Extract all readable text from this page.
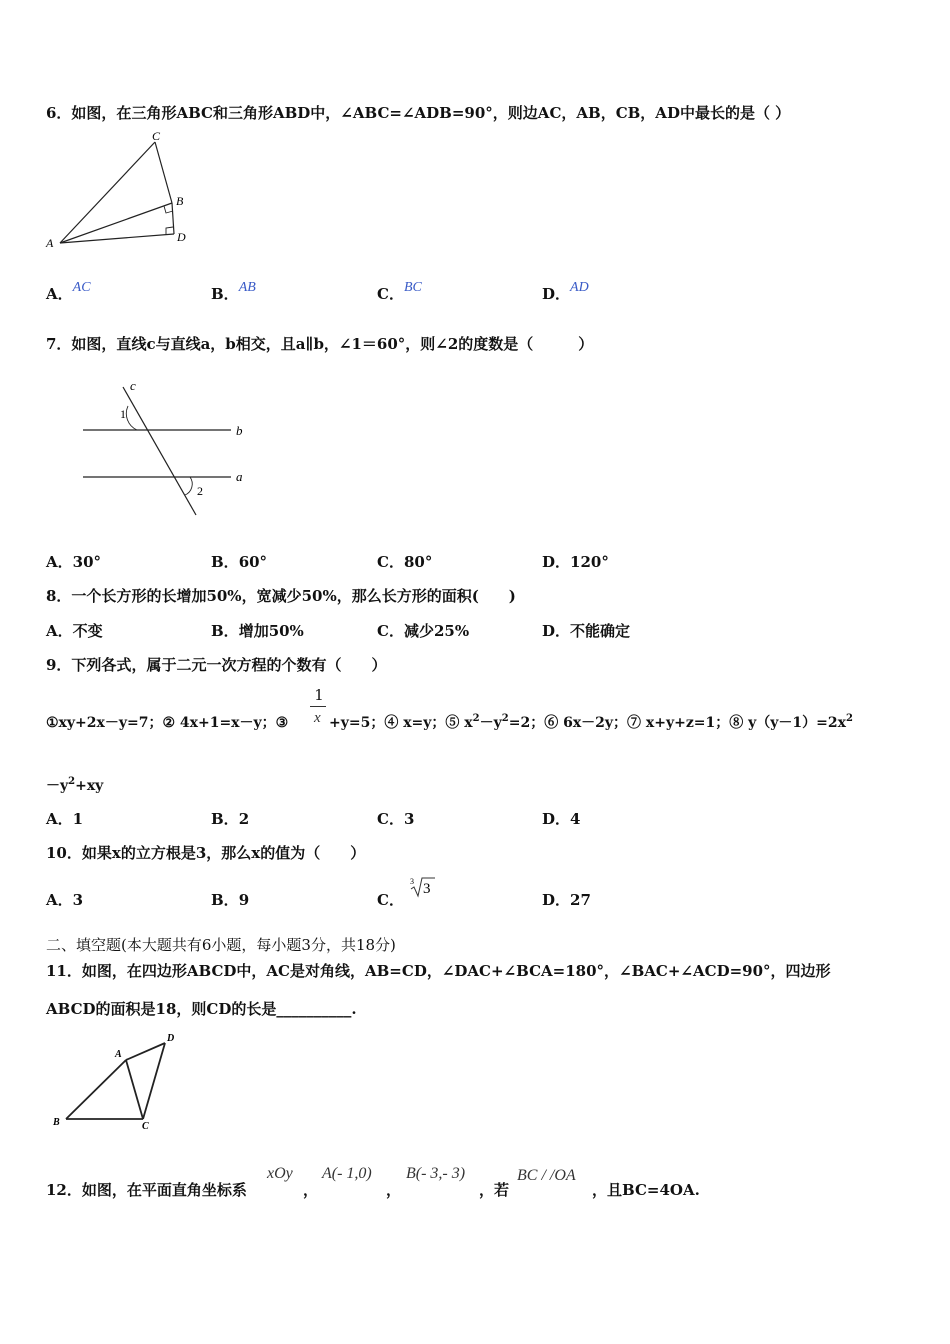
6．如图，在三角形ABC和三角形ABD中，∠ABC=∠ADB=90°，则边AC，AB，CB，AD中最长的是（ ）
C
B
D
A
A．AC	B．AB	C．BC	D．AD
7．如图，直线c与直线a，b相交，且a∥b，∠1＝60°，则∠2的度数是（　　　）
c
b
a
1
2
A．30°	B．60°	C．80°	D．120°
8．一个长方形的长增加50%，宽减少50%，那么长方形的面积(　　)
A．不变	B．增加50%	C．减少25%	D．不能确定
9．下列各式，属于二元一次方程的个数有（　　）
①xy+2x－y=7；② 4x+1=x－y；③
1
x +y=5；④ x=y；⑤ $x^2-y^2=2$；⑥ 6x－2y；⑦ x+y+z=1；⑧ $y(y-1)=2x^2$
$-y^2+xy$
A．1	B．2	C．3	D．4
10．如果x的立方根是3，那么x的值为（　　）
A．3	B．9	C．
3 3
D．27
二、填空题(本大题共有6小题，每小题3分，共18分)
11．如图，在四边形ABCD中，AC是对角线，AB=CD，∠DAC+∠BCA=180°，∠BAC+∠ACD=90°，四边形
ABCD的面积是18，则CD的长是__________.
A
D
B	C
12．如图，在平面直角坐标系
xOy
，
A(- 1,0)
，
B(- 3,- 3)
，若
BC / /OA
，且BC=4OA.
